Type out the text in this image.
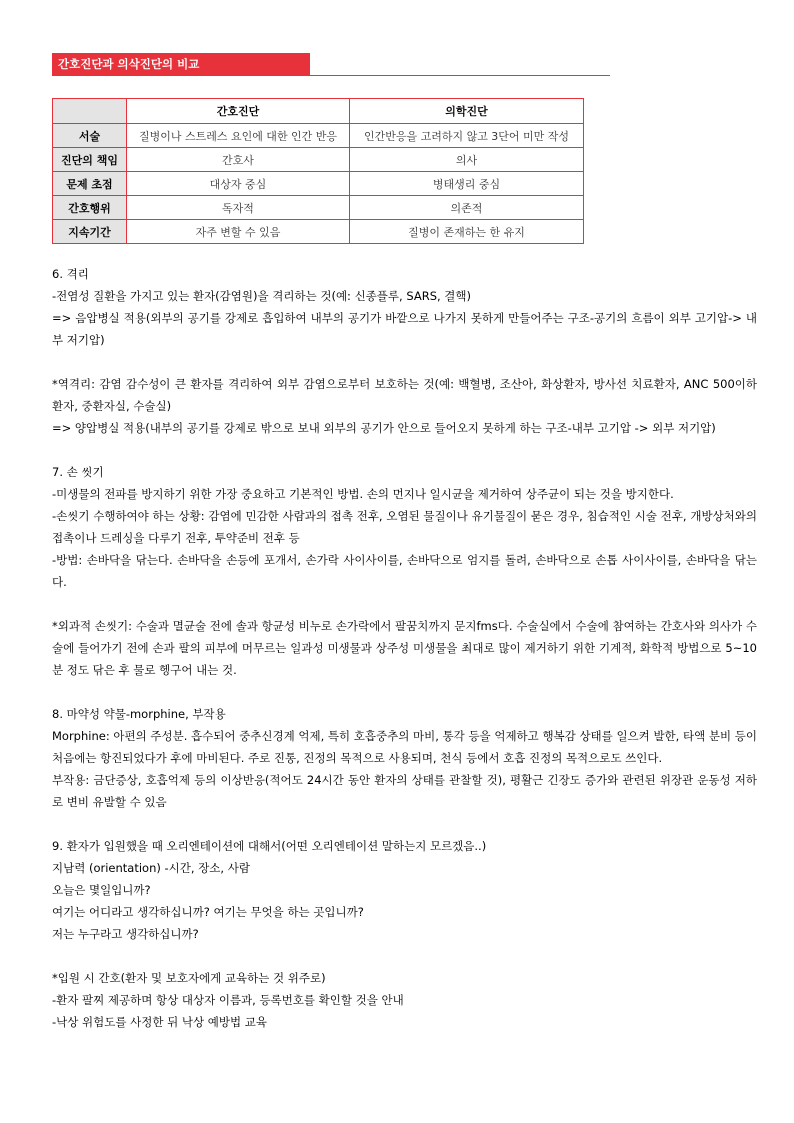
간호진단과 의삭진단의 비교
	간호진단	의학진단
서술	질병이나 스트레스 요인에 대한 인간 반응	인간반응을 고려하지 않고 3단어 미만 작성
진단의 책임	간호사	의사
문제 초점	대상자 중심	병태생리 중심
간호행위	독자적	의존적
지속기간	자주 변할 수 있음	질병이 존재하는 한 유지

6. 격리

-전염성 질환을 가지고 있는 환자(감염원)을 격리하는 것(예: 신종플루, SARS, 결핵)

=> 음압병실 적용(외부의 공기를 강제로 흡입하여 내부의 공기가 바깥으로 나가지 못하게 만들어주는 구조-공기의 흐름이 외부 고기압-> 내부 저기압)

*역격리: 감염 감수성이 큰 환자를 격리하여 외부 감염으로부터 보호하는 것(예: 백혈병, 조산아, 화상환자, 방사선 치료환자, ANC 500이하 환자, 중환자실, 수술실)

=> 양압병실 적용(내부의 공기를 강제로 밖으로 보내 외부의 공기가 안으로 들어오지 못하게 하는 구조-내부 고기압 -> 외부 저기압)

7. 손 씻기

-미생물의 전파를 방지하기 위한 가장 중요하고 기본적인 방법. 손의 먼지나 일시균을 제거하여 상주균이 되는 것을 방지한다.

-손씻기 수행하여야 하는 상황: 감염에 민감한 사람과의 접촉 전후, 오염된 물질이나 유기물질이 묻은 경우, 침습적인 시술 전후, 개방상처와의 접촉이나 드레싱을 다루기 전후, 투약준비 전후 등

-방법: 손바닥을 닦는다. 손바닥을 손등에 포개서, 손가락 사이사이를, 손바닥으로 엄지를 돌려, 손바닥으로 손톱 사이사이를, 손바닥을 닦는다.

*외과적 손씻기: 수술과 멸균술 전에 솔과 항균성 비누로 손가락에서 팔꿈치까지 문지fms다. 수술실에서 수술에 참여하는 간호사와 의사가 수술에 들어가기 전에 손과 팔의 피부에 머무르는 일과성 미생물과 상주성 미생물을 최대로 많이 제거하기 위한 기계적, 화학적 방법으로 5~10분 정도 닦은 후 물로 헹구어 내는 것.

8. 마약성 약물-morphine, 부작용

Morphine: 아편의 주성분. 흡수되어 중추신경계 억제, 특히 호흡중추의 마비, 통각 등을 억제하고 행복감 상태를 일으켜 발한, 타액 분비 등이 처음에는 항진되었다가 후에 마비된다. 주로 진통, 진정의 목적으로 사용되며, 천식 등에서 호흡 진정의 목적으로도 쓰인다.

부작용: 금단증상, 호흡억제 등의 이상반응(적어도 24시간 동안 환자의 상태를 관찰할 것), 평활근 긴장도 증가와 관련된 위장관 운동성 저하로 변비 유발할 수 있음

9. 환자가 입원했을 때 오리엔테이션에 대해서(어떤 오리엔테이션 말하는지 모르겠음..)

지남력 (orientation) -시간, 장소, 사람

오늘은 몇일입니까?

여기는 어디라고 생각하십니까? 여기는 무엇을 하는 곳입니까?

저는 누구라고 생각하십니까?

*입원 시 간호(환자 및 보호자에게 교육하는 것 위주로)

-환자 팔찌 제공하며 항상 대상자 이름과, 등록번호를 확인할 것을 안내

-낙상 위험도를 사정한 뒤 낙상 예방법 교육
